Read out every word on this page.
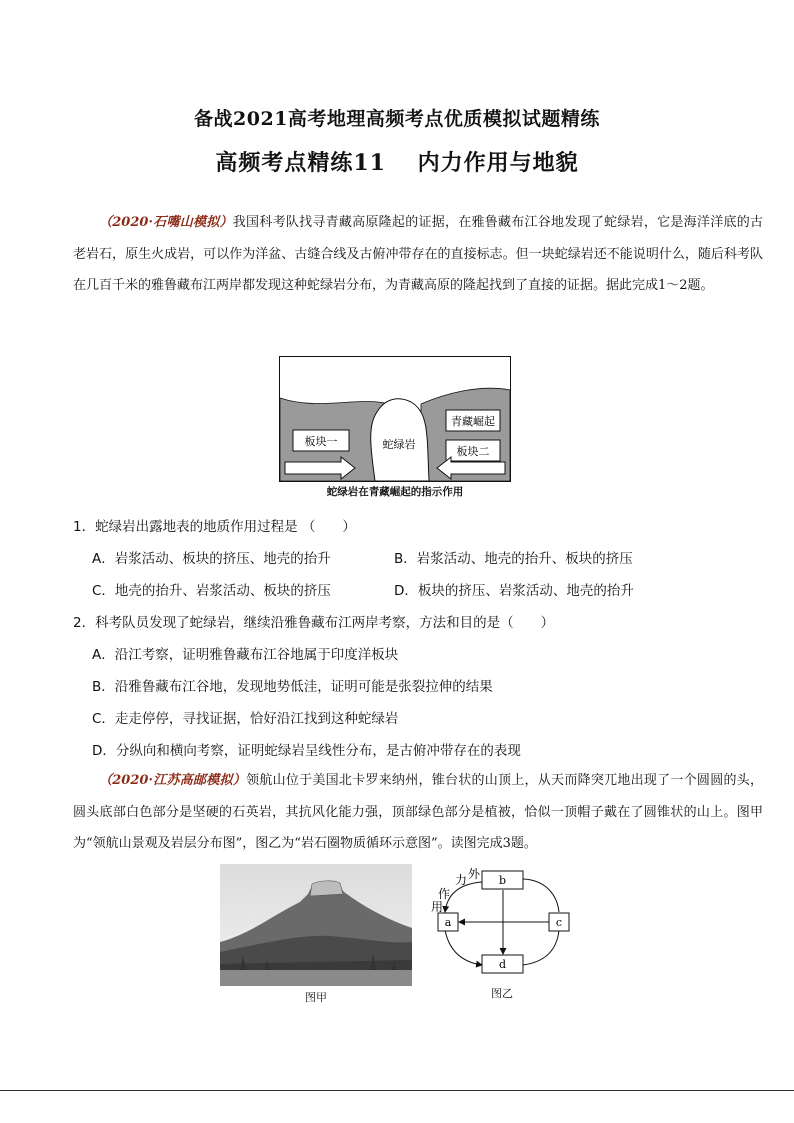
备战2021高考地理高频考点优质模拟试题精练
高频考点精练11　 内力作用与地貌
（2020·石嘴山模拟）我国科考队找寻青藏高原隆起的证据，在雅鲁藏布江谷地发现了蛇绿岩，它是海洋洋底的古老岩石，原生火成岩，可以作为洋盆、古缝合线及古俯冲带存在的直接标志。但一块蛇绿岩还不能说明什么，随后科考队在几百千米的雅鲁藏布江两岸都发现这种蛇绿岩分布，为青藏高原的隆起找到了直接的证据。据此完成1～2题。
板块一
青藏崛起
板块二
蛇绿岩
蛇绿岩在青藏崛起的指示作用
1．蛇绿岩出露地表的地质作用过程是 （　　）
A．岩浆活动、板块的挤压、地壳的抬升	B．岩浆活动、地壳的抬升、板块的挤压
C．地壳的抬升、岩浆活动、板块的挤压	D．板块的挤压、岩浆活动、地壳的抬升
2．科考队员发现了蛇绿岩，继续沿雅鲁藏布江两岸考察，方法和目的是（　　）
A．沿江考察，证明雅鲁藏布江谷地属于印度洋板块
B．沿雅鲁藏布江谷地，发现地势低洼，证明可能是张裂拉伸的结果
C．走走停停，寻找证据，恰好沿江找到这种蛇绿岩
D．分纵向和横向考察，证明蛇绿岩呈线性分布，是古俯冲带存在的表现
（2020·江苏高邮模拟）领航山位于美国北卡罗来纳州，锥台状的山顶上，从天而降突兀地出现了一个圆圆的头，圆头底部白色部分是坚硬的石英岩，其抗风化能力强，顶部绿色部分是植被，恰似一顶帽子戴在了圆锥状的山上。图甲为“领航山景观及岩层分布图”，图乙为“岩石圈物质循环示意图”。读图完成3题。
图甲
b
a	c
d
外
力
作
用
图乙
